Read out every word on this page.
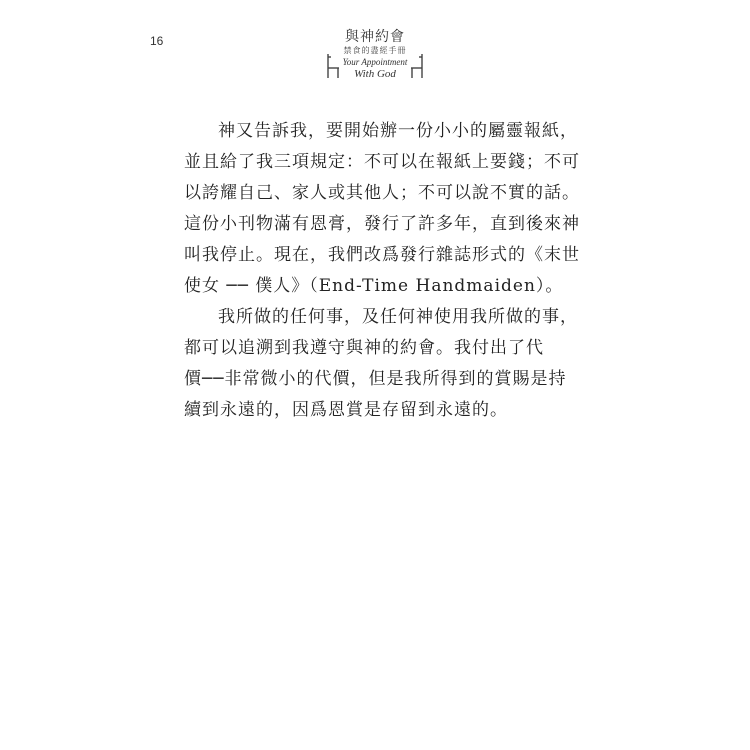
16	與神約會
禁食的盡經手冊
Your Appointment
With God

神又告訴我，要開始辦一份小小的屬靈報紙，
並且給了我三項規定：不可以在報紙上要錢；不可
以誇耀自己、家人或其他人；不可以說不實的話。
這份小刊物滿有恩膏，發行了許多年，直到後來神
叫我停止。現在，我們改爲發行雜誌形式的《末世
使女 ── 僕人》（End-Time Handmaiden）。

我所做的任何事，及任何神使用我所做的事，
都可以追溯到我遵守與神的約會。我付出了代
價──非常微小的代價，但是我所得到的賞賜是持
續到永遠的，因爲恩賞是存留到永遠的。
